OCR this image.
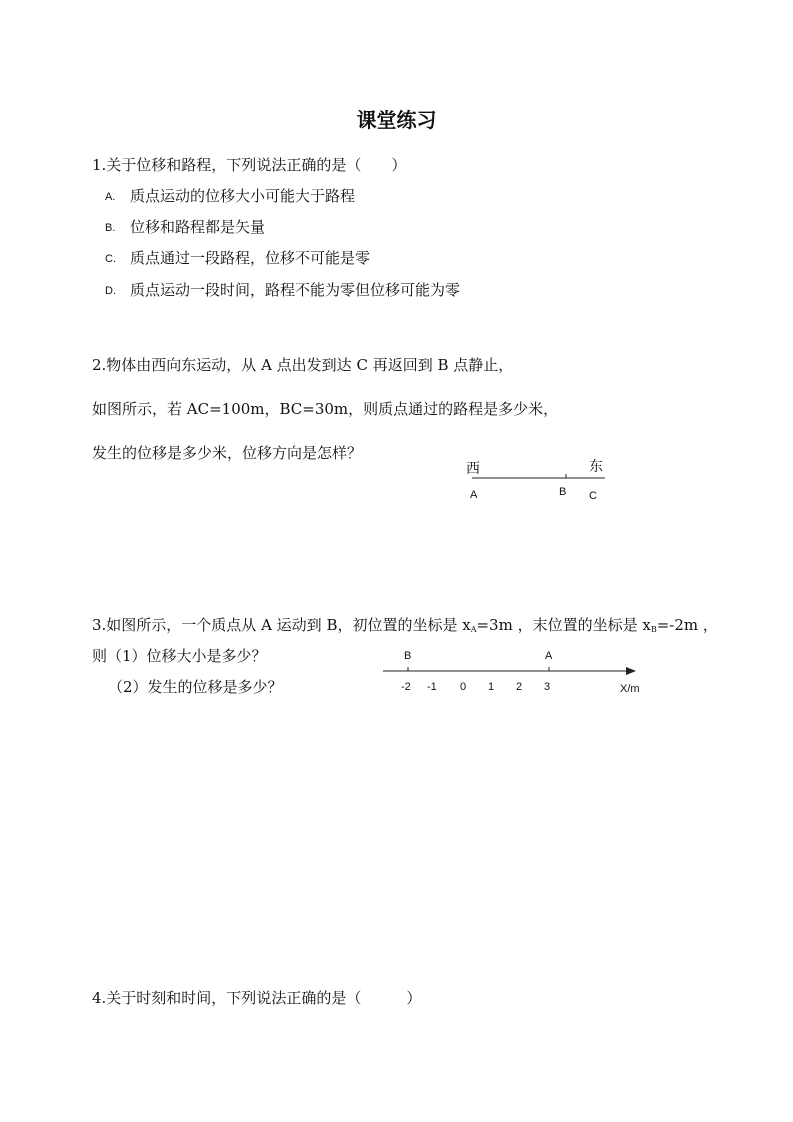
课堂练习
1.关于位移和路程，下列说法正确的是（　　）
A. 质点运动的位移大小可能大于路程
B. 位移和路程都是矢量
C. 质点通过一段路程，位移不可能是零
D. 质点运动一段时间，路程不能为零但位移可能为零
2.物体由西向东运动，从 A 点出发到达 C 再返回到 B 点静止，
如图所示，若 AC=100m，BC=30m，则质点通过的路程是多少米，
发生的位移是多少米，位移方向是怎样？
西	东
A	B C
3.如图所示，一个质点从 A 运动到 B，初位置的坐标是 $x_A=3m$ ，末位置的坐标是 $x_B=-2m$ ，
则（1）位移大小是多少？
（2）发生的位移是多少？
B	A
-2 -1 0 1 2 3	X/m
4.关于时刻和时间，下列说法正确的是（　　　）
